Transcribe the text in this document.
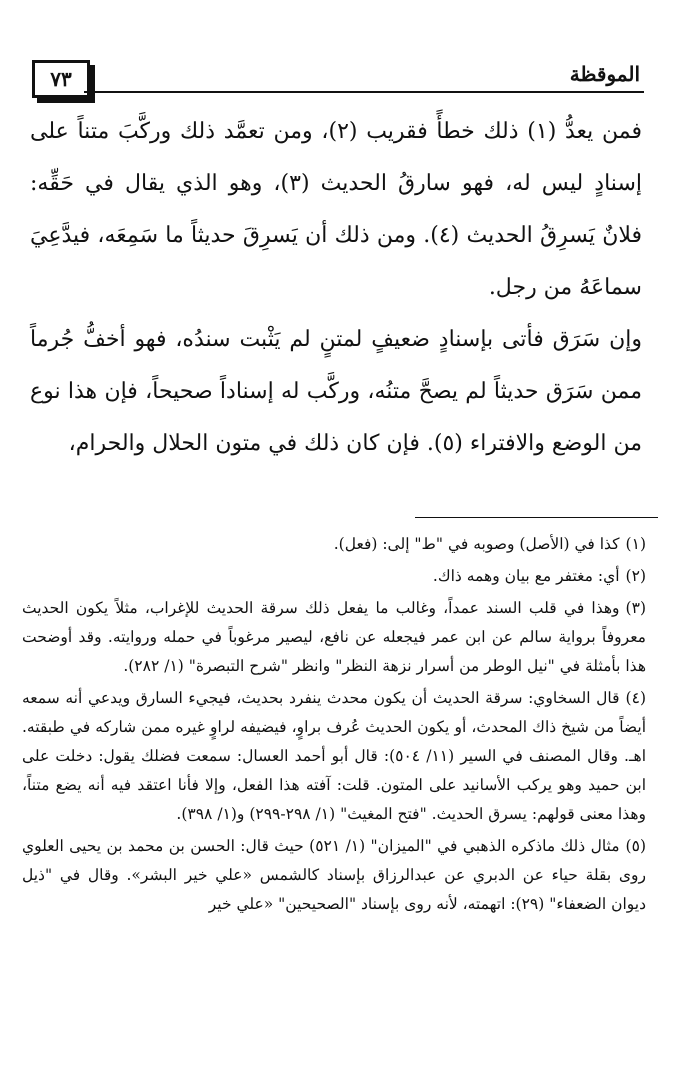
٧٣	الموقظة

فمن يعدُّ (١) ذلك خطأً فقريب (٢)، ومن تعمَّد ذلك وركَّبَ متناً على إسنادٍ ليس له، فهو سارقُ الحديث (٣)، وهو الذي يقال في حَقِّه: فلانٌ يَسرِقُ الحديث (٤). ومن ذلك أن يَسرِقَ حديثاً ما سَمِعَه، فيدَّعِيَ سماعَهُ من رجل.

وإن سَرَق فأتى بإسنادٍ ضعيفٍ لمتنٍ لم يَثْبت سندُه، فهو أخفُّ جُرماً ممن سَرَق حديثاً لم يصحَّ متنُه، وركَّب له إسناداً صحيحاً، فإن هذا نوع من الوضع والافتراء (٥). فإن كان ذلك في متون الحلال والحرام،

(١)كذا في (الأصل) وصوبه في "ط" إلى: (فعل).

(٢)أي: مغتفر مع بيان وهمه ذاك.

(٣)وهذا في قلب السند عمداً، وغالب ما يفعل ذلك سرقة الحديث للإغراب، مثلاً يكون الحديث معروفاً برواية سالم عن ابن عمر فيجعله عن نافع، ليصير مرغوباً في حمله وروايته. وقد أوضحت هذا بأمثلة في "نيل الوطر من أسرار نزهة النظر" وانظر "شرح التبصرة" (١/ ٢٨٢).

(٤)قال السخاوي: سرقة الحديث أن يكون محدث ينفرد بحديث، فيجيء السارق ويدعي أنه سمعه أيضاً من شيخ ذاك المحدث، أو يكون الحديث عُرف براوٍ، فيضيفه لراوٍ غيره ممن شاركه في طبقته. اهـ. وقال المصنف في السير (١١/ ٥٠٤): قال أبو أحمد العسال: سمعت فضلك يقول: دخلت على ابن حميد وهو يركب الأسانيد على المتون. قلت: آفته هذا الفعل، وإلا فأنا اعتقد فيه أنه يضع متناً، وهذا معنى قولهم: يسرق الحديث. "فتح المغيث" (١/ ٢٩٨-٢٩٩) و(١/ ٣٩٨).

(٥)مثال ذلك ماذكره الذهبي في "الميزان" (١/ ٥٢١) حيث قال: الحسن بن محمد بن يحيى العلوي روى بقلة حياء عن الدبري عن عبدالرزاق بإسناد كالشمس «علي خير البشر». وقال في "ذيل ديوان الضعفاء" (٢٩): اتهمته، لأنه روى بإسناد "الصحيحين" «علي خير
